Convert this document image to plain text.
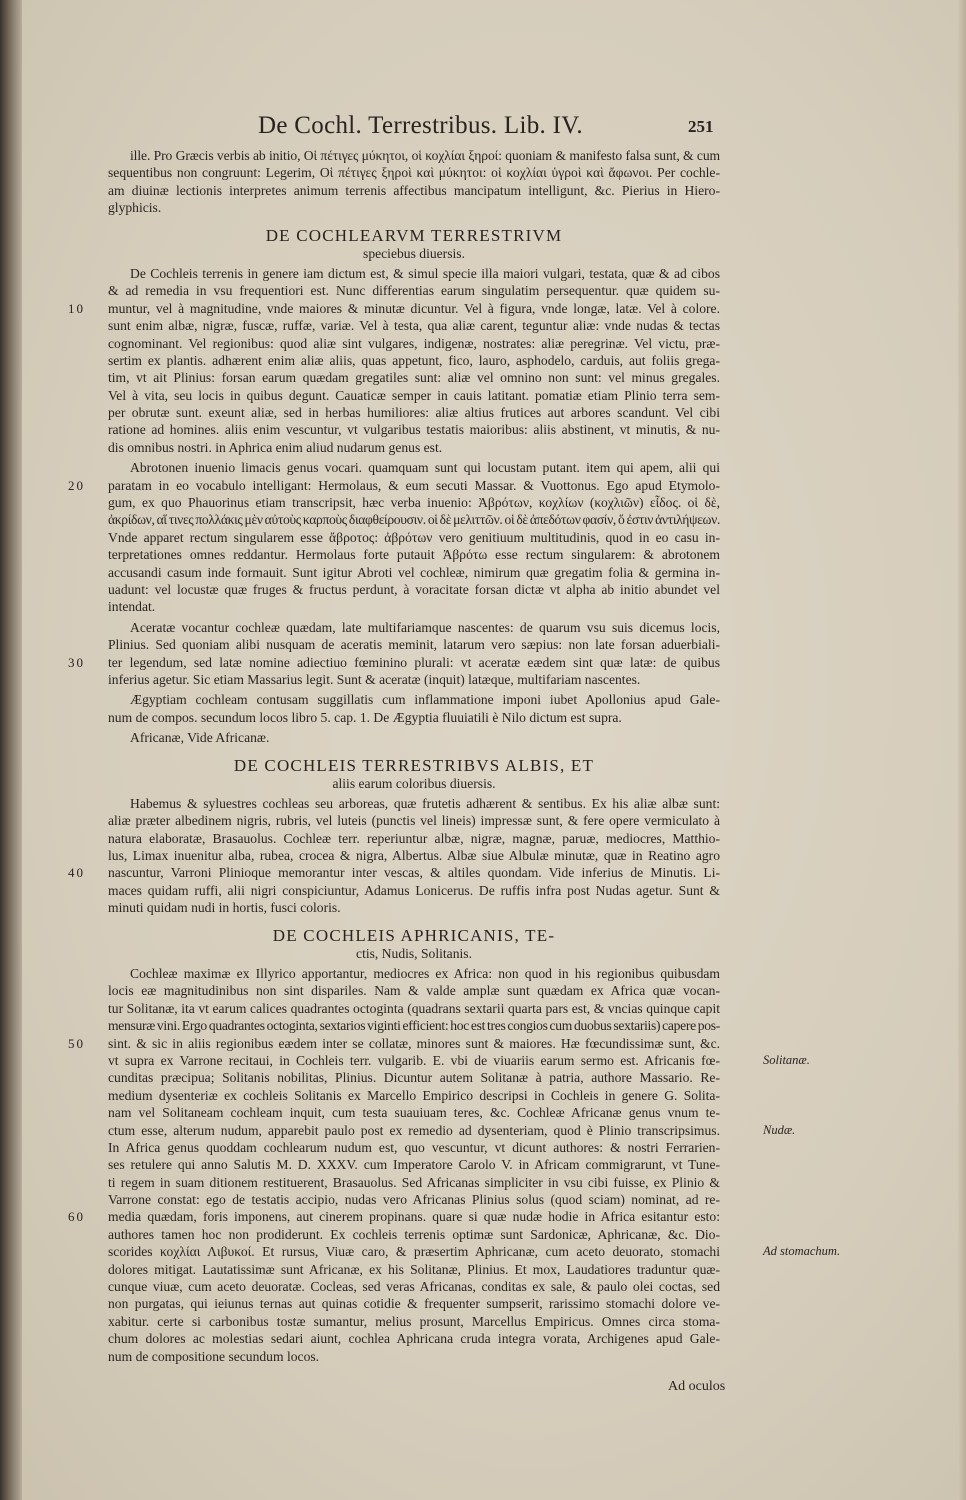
De Cochl. Terrestribus. Lib. IV.	251
ille. Pro Græcis verbis ab initio, Οἱ πέτιγες μύκητοι, οἱ κοχλίαι ξηροί: quoniam & manifesto falsa sunt, & cum
sequentibus non congruunt: Legerim, Οἱ πέτιγες ξηροὶ καὶ μύκητοι: οἱ κοχλίαι ὑγροὶ καὶ ἄφωνοι. Per cochle-
am diuinæ lectionis interpretes animum terrenis affectibus mancipatum intelligunt, &c. Pierius in Hiero-
glyphicis.
DE COCHLEARVM TERRESTRIVM
speciebus diuersis.
De Cochleis terrenis in genere iam dictum est, & simul specie illa maiori vulgari, testata, quæ & ad cibos
& ad remedia in vsu frequentiori est. Nunc differentias earum singulatim persequentur. quæ quidem su-
muntur, vel à magnitudine, vnde maiores & minutæ dicuntur. Vel à figura, vnde longæ, latæ. Vel à colore.
10
sunt enim albæ, nigræ, fuscæ, ruffæ, variæ. Vel à testa, qua aliæ carent, teguntur aliæ: vnde nudas & tectas
cognominant. Vel regionibus: quod aliæ sint vulgares, indigenæ, nostrates: aliæ peregrinæ. Vel victu, præ-
sertim ex plantis. adhærent enim aliæ aliis, quas appetunt, fico, lauro, asphodelo, carduis, aut foliis grega-
tim, vt ait Plinius: forsan earum quædam gregatiles sunt: aliæ vel omnino non sunt: vel minus gregales.
Vel à vita, seu locis in quibus degunt. Cauaticæ semper in cauis latitant. pomatiæ etiam Plinio terra sem-
per obrutæ sunt. exeunt aliæ, sed in herbas humiliores: aliæ altius frutices aut arbores scandunt. Vel cibi
ratione ad homines. aliis enim vescuntur, vt vulgaribus testatis maioribus: aliis abstinent, vt minutis, & nu-
dis omnibus nostri. in Aphrica enim aliud nudarum genus est.
Abrotonen inuenio limacis genus vocari. quamquam sunt qui locustam putant. item qui apem, alii qui
paratam in eo vocabulo intelligant: Hermolaus, & eum secuti Massar. & Vuottonus. Ego apud Etymolo-
20
gum, ex quo Phauorinus etiam transcripsit, hæc verba inuenio: Ἀβρότων, κοχλίων (κοχλιῶν) εἶδος. οἱ δὲ,
ἀκρίδων, αἵ τινες πολλάκις μὲν αὐτοὺς καρποὺς διαφθείρουσιν. οἱ δὲ μελιττῶν. οἱ δὲ ἀπεδότων φασίν, ὅ ἐστιν ἀντιλήψεων.
Vnde apparet rectum singularem esse ἄβροτος: ἀβρότων vero genitiuum multitudinis, quod in eo casu in-
terpretationes omnes reddantur. Hermolaus forte putauit Ἀβρότω esse rectum singularem: & abrotonem
accusandi casum inde formauit. Sunt igitur Abroti vel cochleæ, nimirum quæ gregatim folia & germina in-
uadunt: vel locustæ quæ fruges & fructus perdunt, à voracitate forsan dictæ vt alpha ab initio abundet vel
intendat.
Aceratæ vocantur cochleæ quædam, late multifariamque nascentes: de quarum vsu suis dicemus locis,
Plinius. Sed quoniam alibi nusquam de aceratis meminit, latarum vero sæpius: non late forsan aduerbiali-
ter legendum, sed latæ nomine adiectiuo fœminino plurali: vt aceratæ eædem sint quæ latæ: de quibus
30
inferius agetur. Sic etiam Massarius legit. Sunt & aceratæ (inquit) latæque, multifariam nascentes.
Ægyptiam cochleam contusam suggillatis cum inflammatione imponi iubet Apollonius apud Gale-
num de compos. secundum locos libro 5. cap. 1. De Ægyptia fluuiatili è Nilo dictum est supra.
Africanæ, Vide Africanæ.
DE COCHLEIS TERRESTRIBVS ALBIS, ET
aliis earum coloribus diuersis.
Habemus & syluestres cochleas seu arboreas, quæ frutetis adhærent & sentibus. Ex his aliæ albæ sunt:
aliæ præter albedinem nigris, rubris, vel luteis (punctis vel lineis) impressæ sunt, & fere opere vermiculato à
natura elaboratæ, Brasauolus. Cochleæ terr. reperiuntur albæ, nigræ, magnæ, paruæ, mediocres, Matthio-
lus, Limax inuenitur alba, rubea, crocea & nigra, Albertus. Albæ siue Albulæ minutæ, quæ in Reatino agro
nascuntur, Varroni Plinioque memorantur inter vescas, & altiles quondam. Vide inferius de Minutis. Li-
40
maces quidam ruffi, alii nigri conspiciuntur, Adamus Lonicerus. De ruffis infra post Nudas agetur. Sunt &
minuti quidam nudi in hortis, fusci coloris.
DE COCHLEIS APHRICANIS, TE-
ctis, Nudis, Solitanis.
Cochleæ maximæ ex Illyrico apportantur, mediocres ex Africa: non quod in his regionibus quibusdam
locis eæ magnitudinibus non sint dispariles. Nam & valde amplæ sunt quædam ex Africa quæ vocan-
tur Solitanæ, ita vt earum calices quadrantes octoginta (quadrans sextarii quarta pars est, & vncias quinque capit
mensuræ vini. Ergo quadrantes octoginta, sextarios viginti efficient: hoc est tres congios cum duobus sextariis) capere pos-
sint. & sic in aliis regionibus eædem inter se collatæ, minores sunt & maiores. Hæ fœcundissimæ sunt, &c.
50
vt supra ex Varrone recitaui, in Cochleis terr. vulgarib. E. vbi de viuariis earum sermo est. Africanis fœ-	Solitanæ.
cunditas præcipua; Solitanis nobilitas, Plinius. Dicuntur autem Solitanæ à patria, authore Massario. Re-
medium dysenteriæ ex cochleis Solitanis ex Marcello Empirico descripsi in Cochleis in genere G. Solita-
nam vel Solitaneam cochleam inquit, cum testa suauiuam teres, &c. Cochleæ Africanæ genus vnum te-
ctum esse, alterum nudum, apparebit paulo post ex remedio ad dysenteriam, quod è Plinio transcripsimus.	Nudæ.
In Africa genus quoddam cochlearum nudum est, quo vescuntur, vt dicunt authores: & nostri Ferrarien-
ses retulere qui anno Salutis M. D. XXXV. cum Imperatore Carolo V. in Africam commigrarunt, vt Tune-
ti regem in suam ditionem restituerent, Brasauolus. Sed Africanas simpliciter in vsu cibi fuisse, ex Plinio &
Varrone constat: ego de testatis accipio, nudas vero Africanas Plinius solus (quod sciam) nominat, ad re-
media quædam, foris imponens, aut cinerem propinans. quare si quæ nudæ hodie in Africa esitantur esto:
60
authores tamen hoc non prodiderunt. Ex cochleis terrenis optimæ sunt Sardonicæ, Aphricanæ, &c. Dio-
scorides κοχλίαι Λιβυκοί. Et rursus, Viuæ caro, & præsertim Aphricanæ, cum aceto deuorato, stomachi	Ad stomachum.
dolores mitigat. Lautatissimæ sunt Africanæ, ex his Solitanæ, Plinius. Et mox, Laudatiores traduntur quæ-
cunque viuæ, cum aceto deuoratæ. Cocleas, sed veras Africanas, conditas ex sale, & paulo olei coctas, sed
non purgatas, qui ieiunus ternas aut quinas cotidie & frequenter sumpserit, rarissimo stomachi dolore ve-
xabitur. certe si carbonibus tostæ sumantur, melius prosunt, Marcellus Empiricus. Omnes circa stoma-
chum dolores ac molestias sedari aiunt, cochlea Aphricana cruda integra vorata, Archigenes apud Gale-
num de compositione secundum locos.
Ad oculos
